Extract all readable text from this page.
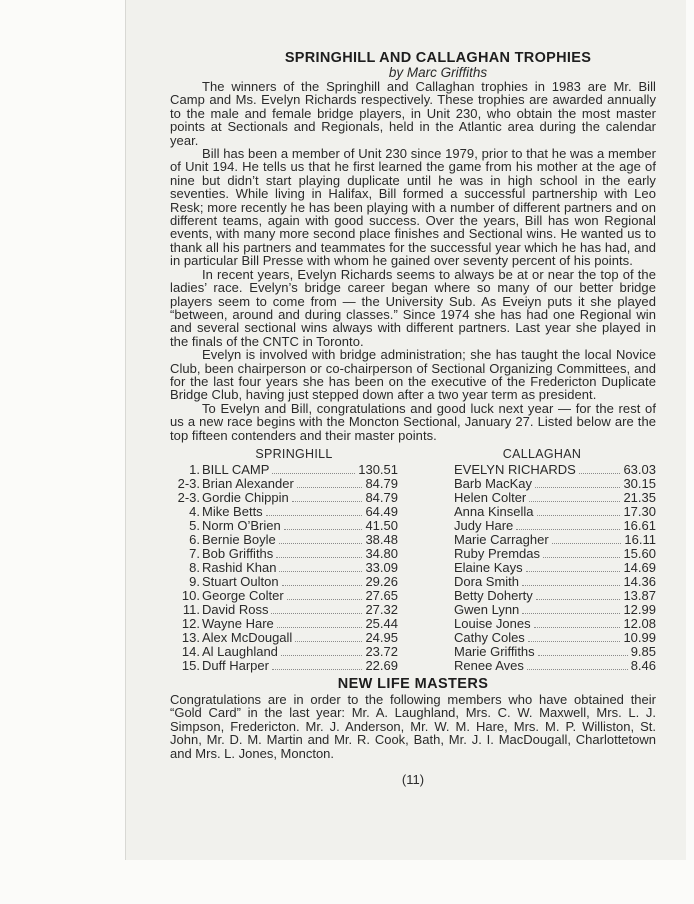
SPRINGHILL AND CALLAGHAN TROPHIES
by Marc Griffiths

The winners of the Springhill and Callaghan trophies in 1983 are Mr. Bill Camp and Ms. Evelyn Richards respectively. These trophies are awarded annually to the male and female bridge players, in Unit 230, who obtain the most master points at Sectionals and Regionals, held in the Atlantic area during the calendar year.

Bill has been a member of Unit 230 since 1979, prior to that he was a member of Unit 194. He tells us that he first learned the game from his mother at the age of nine but didn’t start playing duplicate until he was in high school in the early seventies. While living in Halifax, Bill formed a successful partnership with Leo Resk; more recently he has been playing with a number of different partners and on different teams, again with good success. Over the years, Bill has won Regional events, with many more second place finishes and Sectional wins. He wanted us to thank all his partners and teammates for the successful year which he has had, and in particular Bill Presse with whom he gained over seventy percent of his points.

In recent years, Evelyn Richards seems to always be at or near the top of the ladies’ race. Evelyn’s bridge career began where so many of our better bridge players seem to come from — the University Sub. As Eveiyn puts it she played “between, around and during classes.” Since 1974 she has had one Regional win and several sectional wins always with different partners. Last year she played in the finals of the CNTC in Toronto.

Evelyn is involved with bridge administration; she has taught the local Novice Club, been chairperson or co-chairperson of Sectional Organizing Committees, and for the last four years she has been on the executive of the Fredericton Duplicate Bridge Club, having just stepped down after a two year term as president.

To Evelyn and Bill, congratulations and good luck next year — for the rest of us a new race begins with the Moncton Sectional, January 27. Listed below are the top fifteen contenders and their master points.

SPRINGHILL
1. BILL CAMP	130.51
2-3. Brian Alexander	84.79
2-3. Gordie Chippin	84.79
4. Mike Betts	64.49
5. Norm O’Brien	41.50
6. Bernie Boyle	38.48
7. Bob Griffiths	34.80
8. Rashid Khan	33.09
9. Stuart Oulton	29.26
10. George Colter	27.65
11. David Ross	27.32
12. Wayne Hare	25.44
13. Alex McDougall	24.95
14. Al Laughland	23.72
15. Duff Harper	22.69
CALLAGHAN
EVELYN RICHARDS	63.03
Barb MacKay	30.15
Helen Colter	21.35
Anna Kinsella	17.30
Judy Hare	16.61
Marie Carragher	16.11
Ruby Premdas	15.60
Elaine Kays	14.69
Dora Smith	14.36
Betty Doherty	13.87
Gwen Lynn	12.99
Louise Jones	12.08
Cathy Coles	10.99
Marie Griffiths	9.85
Renee Aves	8.46
NEW LIFE MASTERS

Congratulations are in order to the following members who have obtained their “Gold Card” in the last year: Mr. A. Laughland, Mrs. C. W. Maxwell, Mrs. L. J. Simpson, Fredericton. Mr. J. Anderson, Mr. W. M. Hare, Mrs. M. P. Williston, St. John, Mr. D. M. Martin and Mr. R. Cook, Bath, Mr. J. I. MacDougall, Charlottetown and Mrs. L. Jones, Moncton.

(11)
